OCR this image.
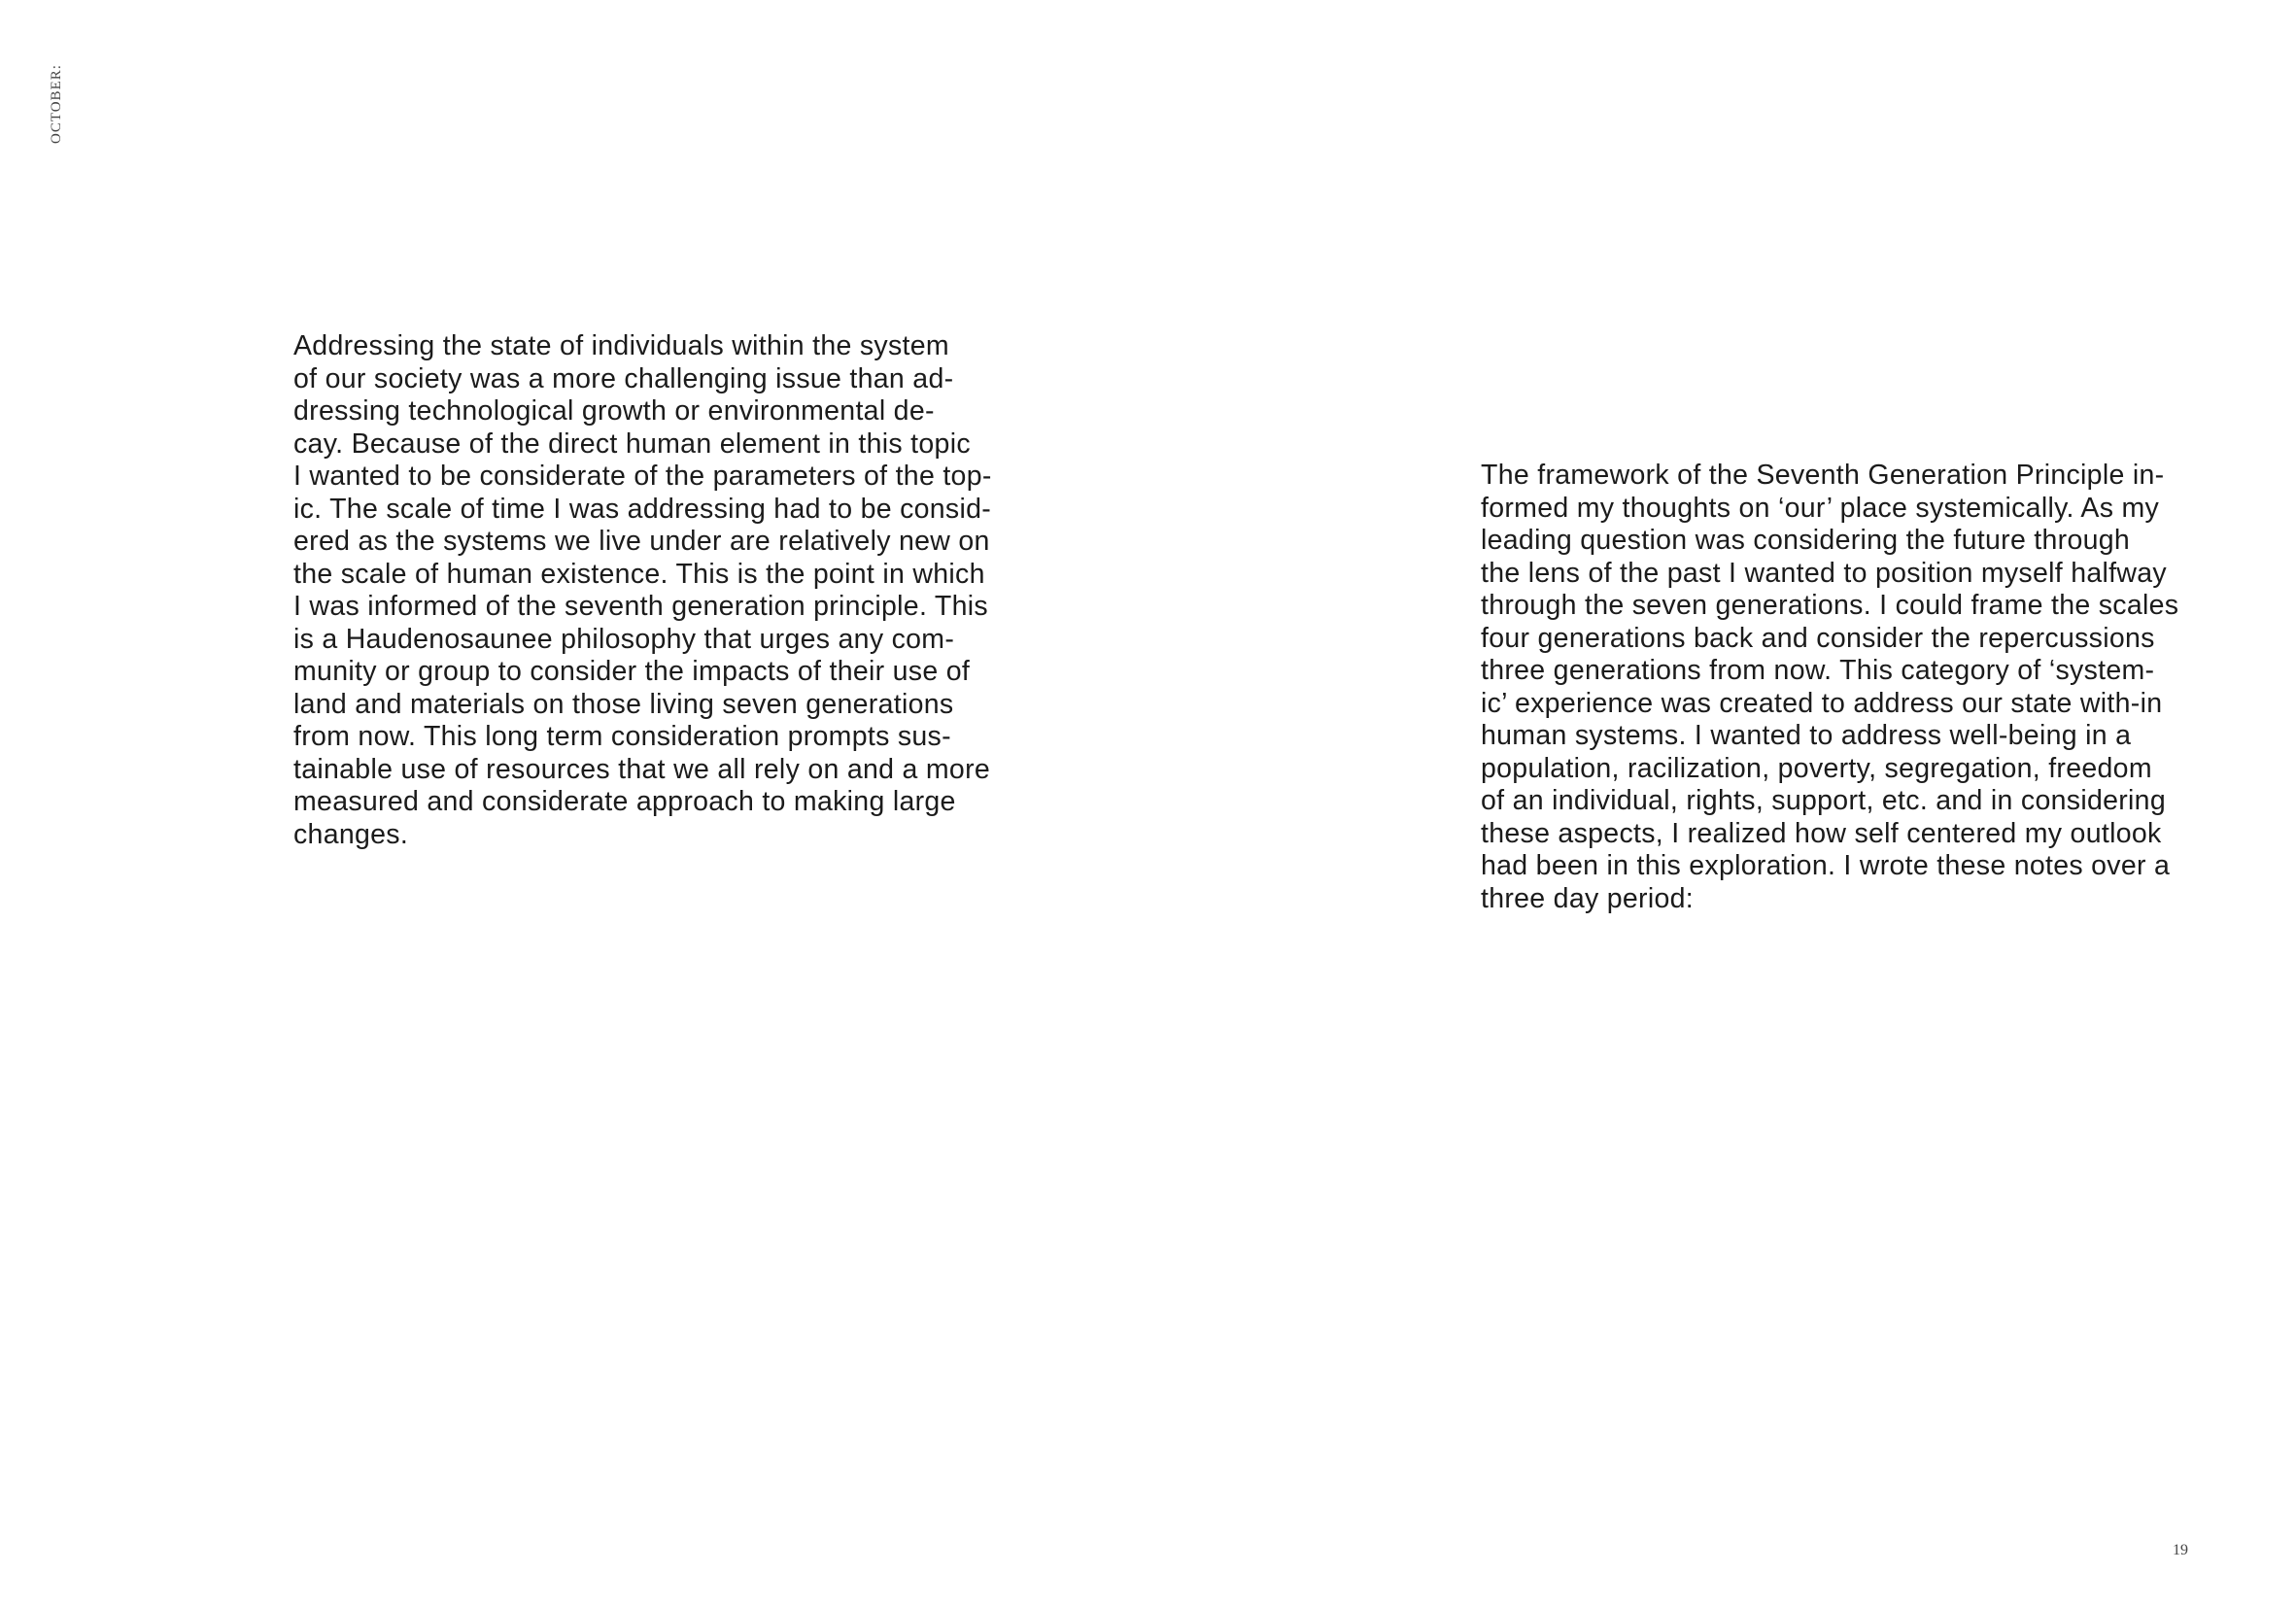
OCTOBER:
Addressing the state of individuals within the system
of our society was a more challenging issue than ad-
dressing technological growth or environmental de-
cay. Because of the direct human element in this topic
I wanted to be considerate of the parameters of the top-
ic. The scale of time I was addressing had to be consid-
ered as the systems we live under are relatively new on
the scale of human existence. This is the point in which
I was informed of the seventh generation principle. This
is a Haudenosaunee philosophy that urges any com-
munity or group to consider the impacts of their use of
land and materials on those living seven generations
from now. This long term consideration prompts sus-
tainable use of resources that we all rely on and a more
measured and considerate approach to making large
changes.
The framework of the Seventh Generation Principle in-
formed my thoughts on ‘our’ place systemically. As my
leading question was considering the future through
the lens of the past I wanted to position myself halfway
through the seven generations. I could frame the scales
four generations back and consider the repercussions
three generations from now. This category of ‘system-
ic’ experience was created to address our state with-in
human systems. I wanted to address well-being in a
population, racilization, poverty, segregation, freedom
of an individual, rights, support, etc. and in considering
these aspects, I realized how self centered my outlook
had been in this exploration. I wrote these notes over a
three day period:
19
